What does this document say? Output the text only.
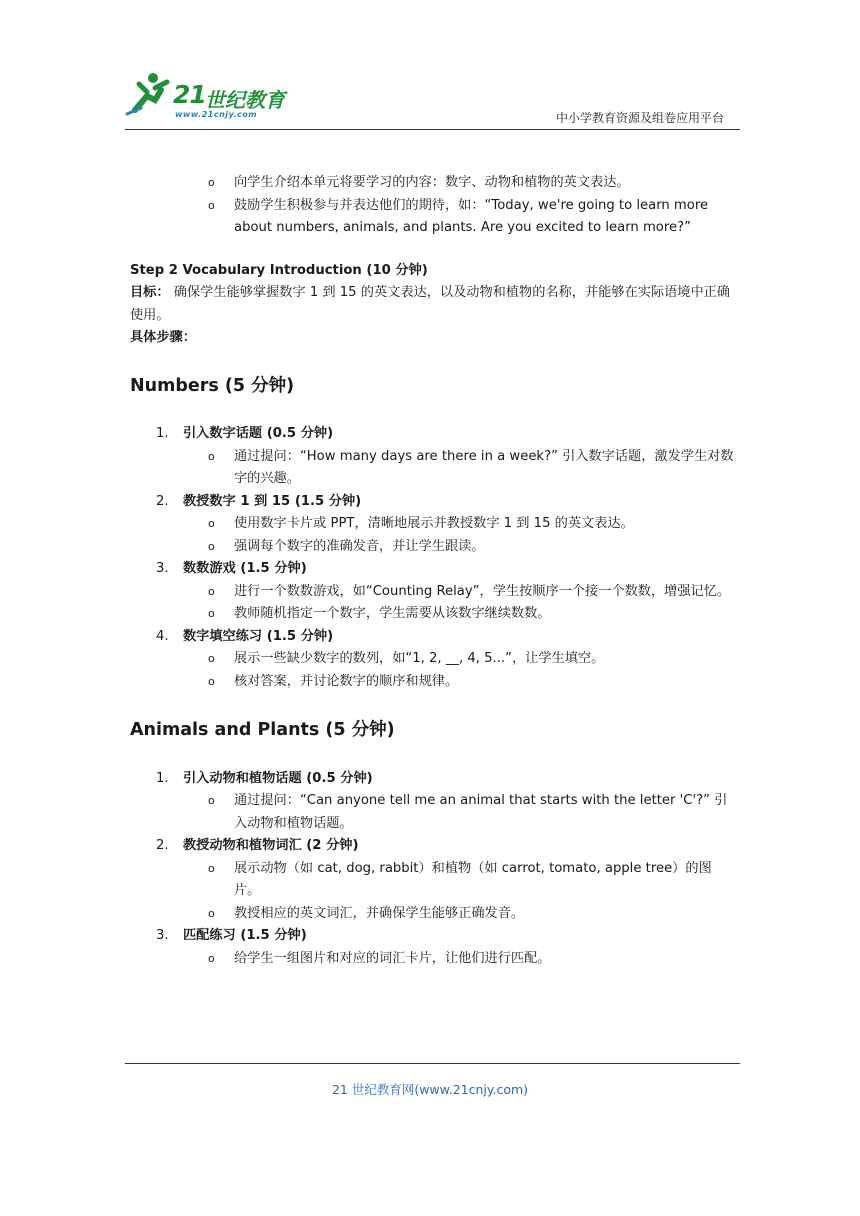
21 世纪教育
www.21cnjy.com	中小学教育资源及组卷应用平台
o 向学生介绍本单元将要学习的内容：数字、动物和植物的英文表达。
o 鼓励学生积极参与并表达他们的期待，如：“Today, we're going to learn more about numbers, animals, and plants. Are you excited to learn more?”
Step 2 Vocabulary Introduction (10 分钟)
目标： 确保学生能够掌握数字 1 到 15 的英文表达，以及动物和植物的名称，并能够在实际语境中正确使用。
具体步骤：
Numbers (5 分钟)
1. 引入数字话题 (0.5 分钟)
o 通过提问：“How many days are there in a week?” 引入数字话题，激发学生对数字的兴趣。
2. 教授数字 1 到 15 (1.5 分钟)
o 使用数字卡片或 PPT，清晰地展示并教授数字 1 到 15 的英文表达。
o 强调每个数字的准确发音，并让学生跟读。
3. 数数游戏 (1.5 分钟)
o 进行一个数数游戏，如“Counting Relay”，学生按顺序一个接一个数数，增强记忆。
o 教师随机指定一个数字，学生需要从该数字继续数数。
4. 数字填空练习 (1.5 分钟)
o 展示一些缺少数字的数列，如“1, 2, __, 4, 5...”，让学生填空。
o 核对答案，并讨论数字的顺序和规律。
Animals and Plants (5 分钟)
1. 引入动物和植物话题 (0.5 分钟)
o 通过提问：“Can anyone tell me an animal that starts with the letter 'C'?” 引入动物和植物话题。
2. 教授动物和植物词汇 (2 分钟)
o 展示动物（如 cat, dog, rabbit）和植物（如 carrot, tomato, apple tree）的图片。
o 教授相应的英文词汇，并确保学生能够正确发音。
3. 匹配练习 (1.5 分钟)
o 给学生一组图片和对应的词汇卡片，让他们进行匹配。
21 世纪教育网(www.21cnjy.com)
